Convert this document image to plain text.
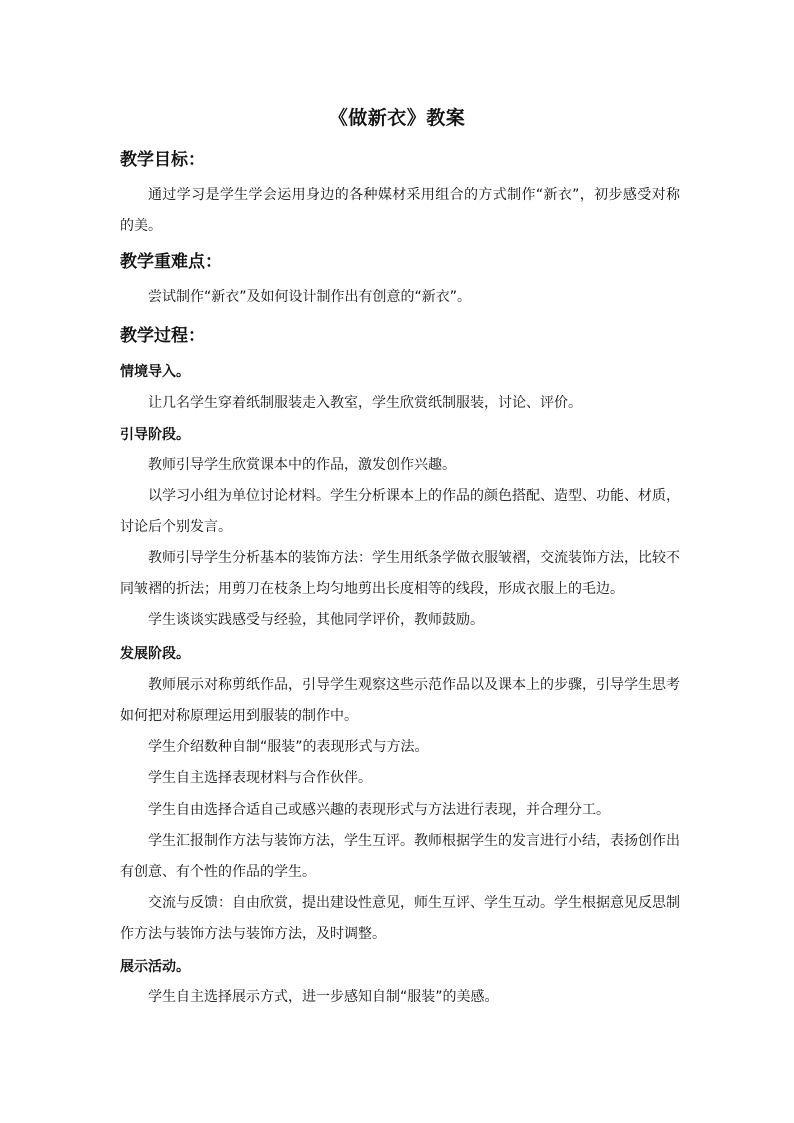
《做新衣》教案
教学目标：
通过学习是学生学会运用身边的各种媒材采用组合的方式制作“新衣”，初步感受对称的美。
教学重难点：
尝试制作“新衣”及如何设计制作出有创意的“新衣”。
教学过程：
情境导入。
让几名学生穿着纸制服装走入教室，学生欣赏纸制服装，讨论、评价。
引导阶段。
教师引导学生欣赏课本中的作品，激发创作兴趣。
以学习小组为单位讨论材料。学生分析课本上的作品的颜色搭配、造型、功能、材质，讨论后个别发言。
教师引导学生分析基本的装饰方法：学生用纸条学做衣服皱褶，交流装饰方法，比较不同皱褶的折法；用剪刀在枝条上均匀地剪出长度相等的线段，形成衣服上的毛边。
学生谈谈实践感受与经验，其他同学评价，教师鼓励。
发展阶段。
教师展示对称剪纸作品，引导学生观察这些示范作品以及课本上的步骤，引导学生思考如何把对称原理运用到服装的制作中。
学生介绍数种自制“服装”的表现形式与方法。
学生自主选择表现材料与合作伙伴。
学生自由选择合适自己或感兴趣的表现形式与方法进行表现，并合理分工。
学生汇报制作方法与装饰方法，学生互评。教师根据学生的发言进行小结，表扬创作出有创意、有个性的作品的学生。
交流与反馈：自由欣赏，提出建设性意见，师生互评、学生互动。学生根据意见反思制作方法与装饰方法与装饰方法，及时调整。
展示活动。
学生自主选择展示方式，进一步感知自制“服装”的美感。
